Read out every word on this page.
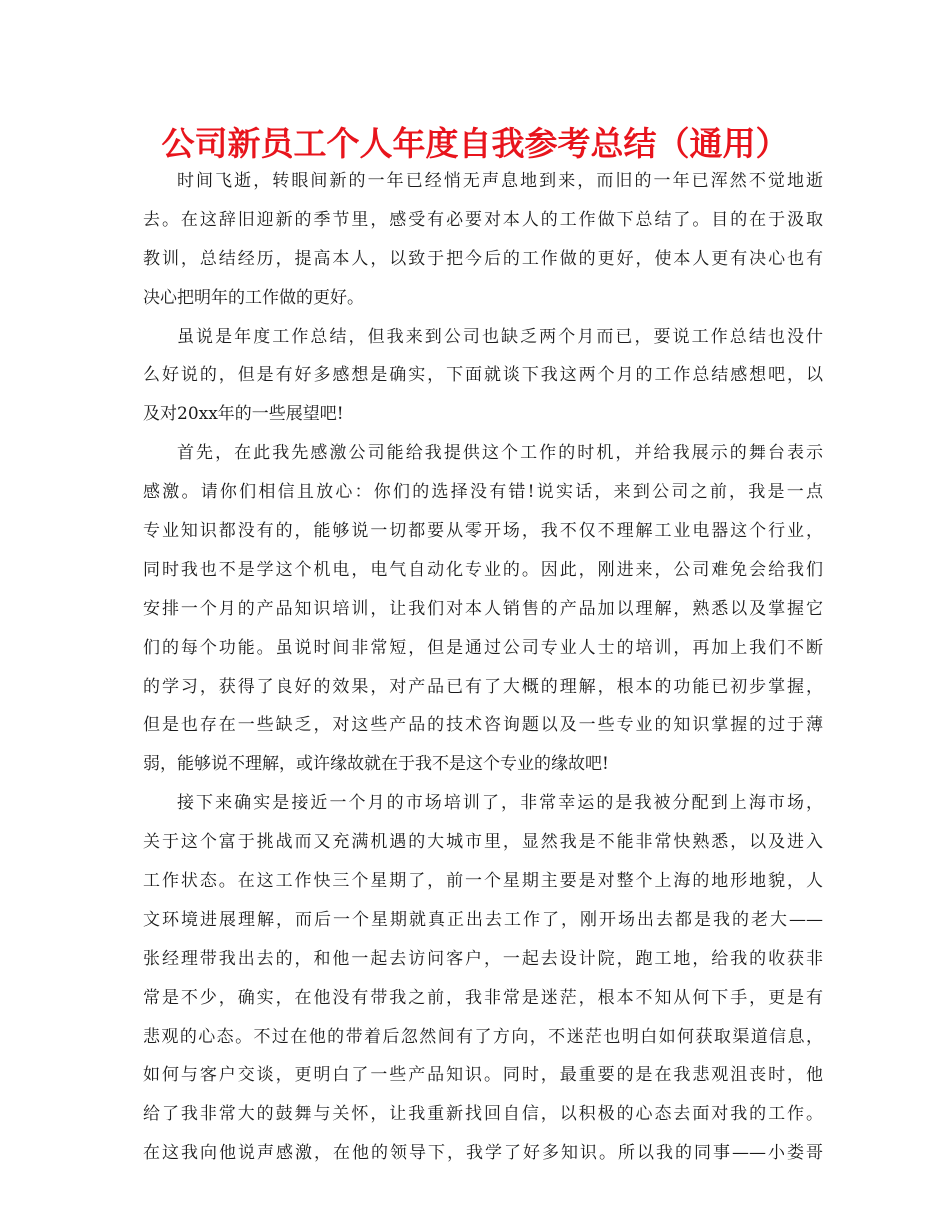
公司新员工个人年度自我参考总结（通用）
时间飞逝，转眼间新的一年已经悄无声息地到来，而旧的一年已浑然不觉地逝
去。在这辞旧迎新的季节里，感受有必要对本人的工作做下总结了。目的在于汲取
教训，总结经历，提高本人，以致于把今后的工作做的更好，使本人更有决心也有
决心把明年的工作做的更好。
虽说是年度工作总结，但我来到公司也缺乏两个月而已，要说工作总结也没什
么好说的，但是有好多感想是确实，下面就谈下我这两个月的工作总结感想吧，以
及对20xx年的一些展望吧!
首先，在此我先感激公司能给我提供这个工作的时机，并给我展示的舞台表示
感激。请你们相信且放心：你们的选择没有错!说实话，来到公司之前，我是一点
专业知识都没有的，能够说一切都要从零开场，我不仅不理解工业电器这个行业，
同时我也不是学这个机电，电气自动化专业的。因此，刚进来，公司难免会给我们
安排一个月的产品知识培训，让我们对本人销售的产品加以理解，熟悉以及掌握它
们的每个功能。虽说时间非常短，但是通过公司专业人士的培训，再加上我们不断
的学习，获得了良好的效果，对产品已有了大概的理解，根本的功能已初步掌握，
但是也存在一些缺乏，对这些产品的技术咨询题以及一些专业的知识掌握的过于薄
弱，能够说不理解，或许缘故就在于我不是这个专业的缘故吧!
接下来确实是接近一个月的市场培训了，非常幸运的是我被分配到上海市场，
关于这个富于挑战而又充满机遇的大城市里，显然我是不能非常快熟悉，以及进入
工作状态。在这工作快三个星期了，前一个星期主要是对整个上海的地形地貌，人
文环境进展理解，而后一个星期就真正出去工作了，刚开场出去都是我的老大——
张经理带我出去的，和他一起去访问客户，一起去设计院，跑工地，给我的收获非
常是不少，确实，在他没有带我之前，我非常是迷茫，根本不知从何下手，更是有
悲观的心态。不过在他的带着后忽然间有了方向，不迷茫也明白如何获取渠道信息，
如何与客户交谈，更明白了一些产品知识。同时，最重要的是在我悲观沮丧时，他
给了我非常大的鼓舞与关怀，让我重新找回自信，以积极的心态去面对我的工作。
在这我向他说声感激，在他的领导下，我学了好多知识。所以我的同事——小娄哥
